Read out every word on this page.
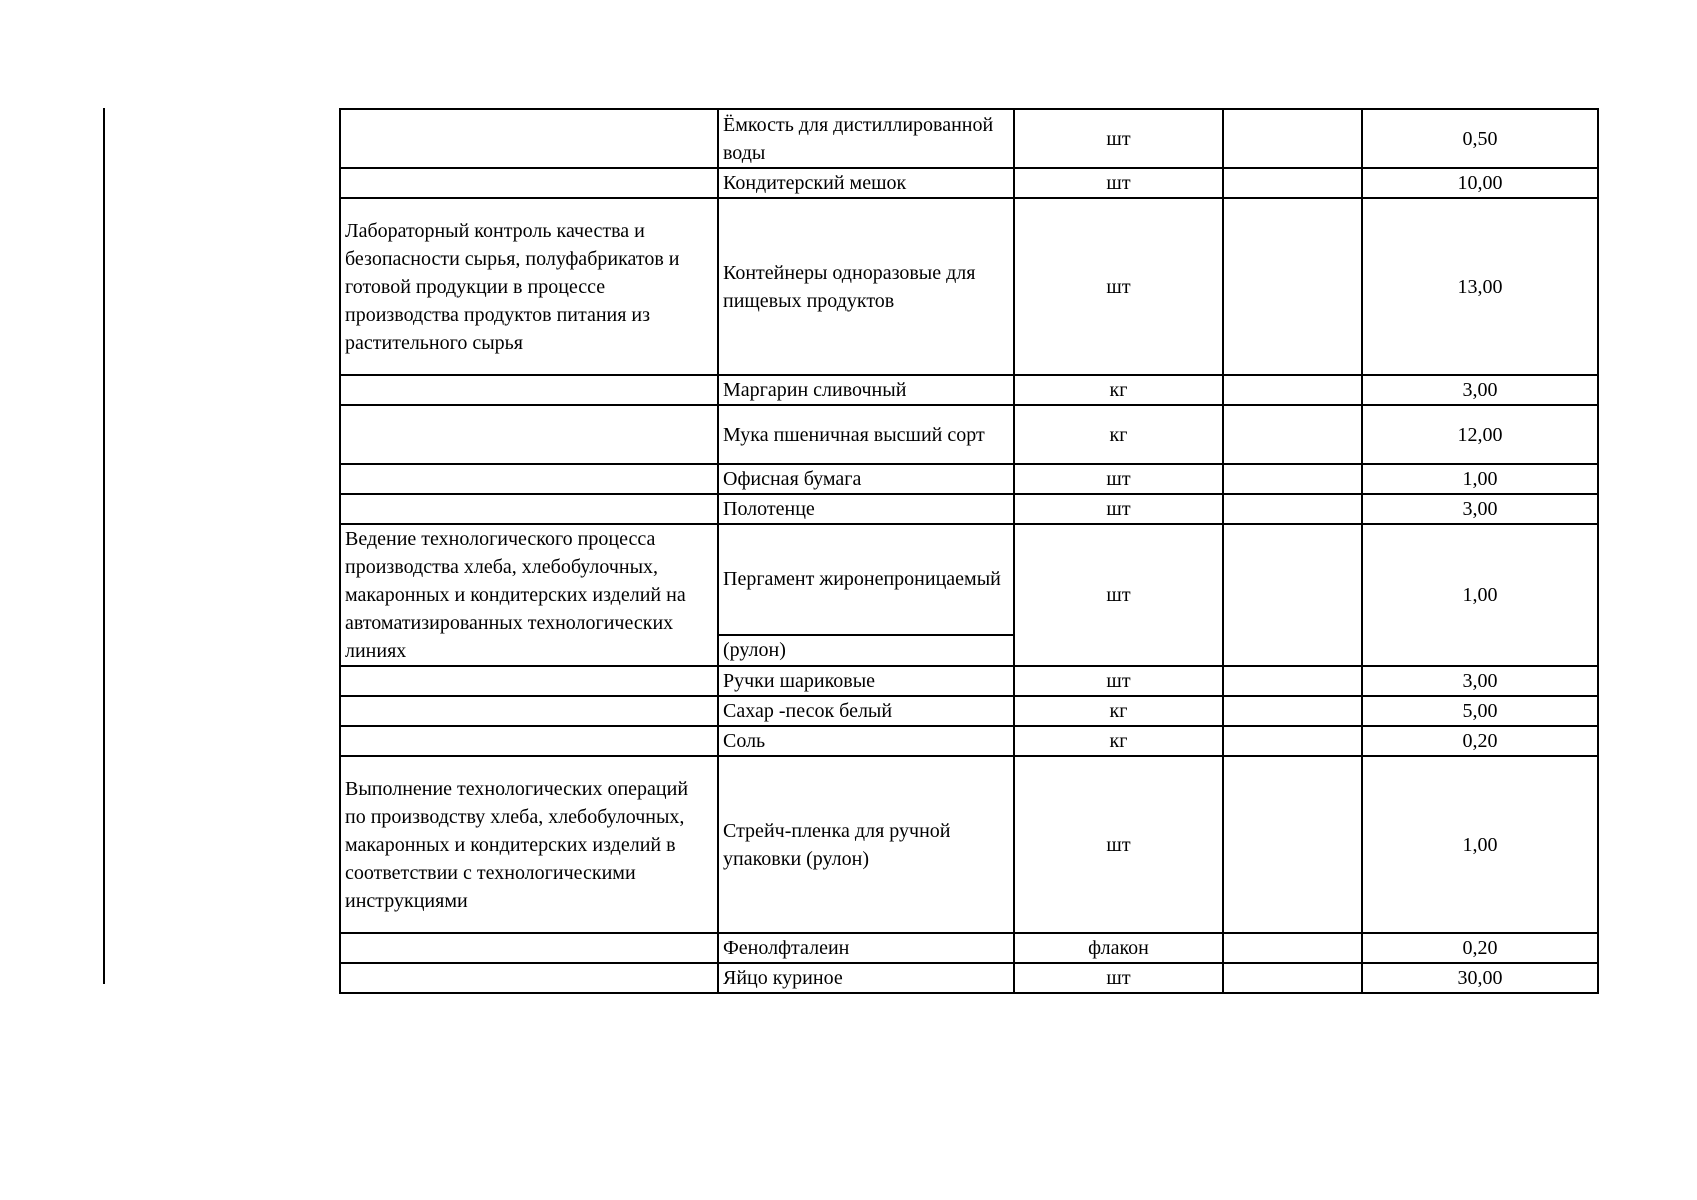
	Ёмкость для дистиллированной воды	шт		0,50
	Кондитерский мешок	шт		10,00
Лабораторный контроль качества и безопасности сырья, полуфабрикатов и готовой продукции в процессе производства продуктов питания из растительного сырья	Контейнеры одноразовые для пищевых продуктов	шт		13,00
	Маргарин сливочный	кг		3,00
	Мука пшеничная высший сорт	кг		12,00
	Офисная бумага	шт		1,00
	Полотенце	шт		3,00
Ведение технологического процесса производства хлеба, хлебобулочных, макаронных и кондитерских изделий на автоматизированных технологических линиях	Пергамент жиронепроницаемый	шт		1,00
	(рулон)			
	Ручки шариковые	шт		3,00
	Сахар -песок белый	кг		5,00
	Соль	кг		0,20
Выполнение технологических операций по производству хлеба, хлебобулочных, макаронных и кондитерских изделий в соответствии с технологическими инструкциями	Стрейч-пленка для ручной упаковки (рулон)	шт		1,00
	Фенолфталеин	флакон		0,20
	Яйцо куриное	шт		30,00
